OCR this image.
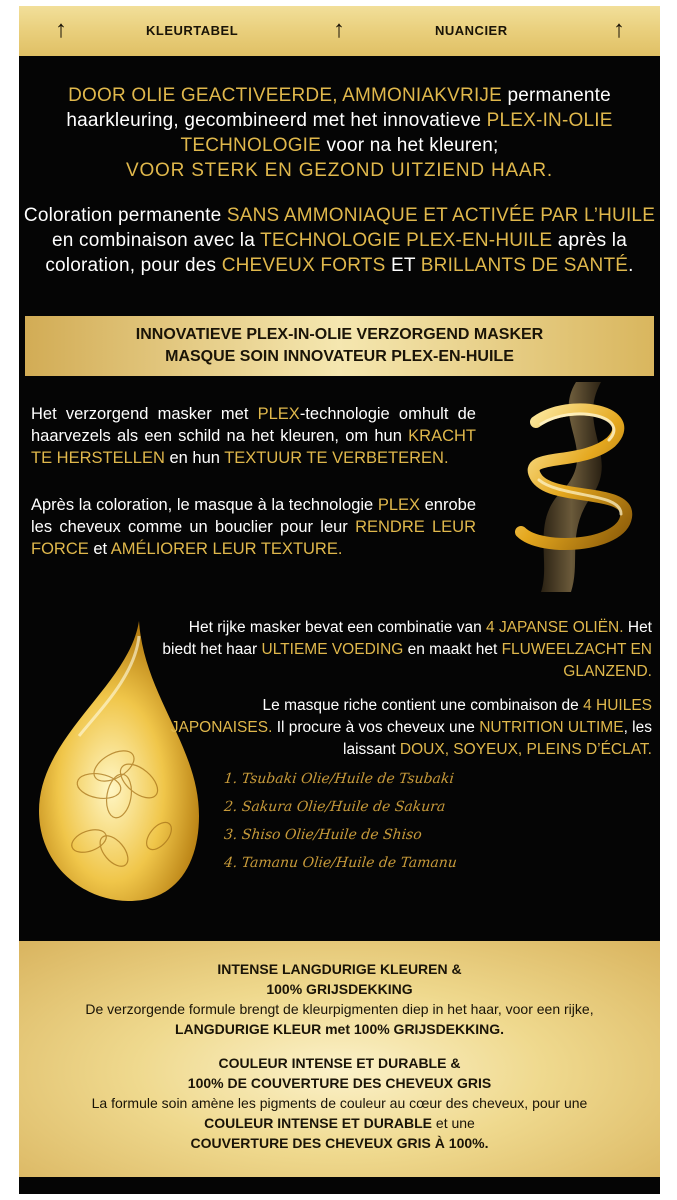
↑	KLEURTABEL	↑	NUANCIER	↑
DOOR OLIE GEACTIVEERDE, AMMONIAKVRIJE permanente haarkleuring, gecombineerd met het innovatieve PLEX-IN-OLIE TECHNOLOGIE voor na het kleuren;
VOOR STERK EN GEZOND UITZIEND HAAR.
Coloration permanente SANS AMMONIAQUE ET ACTIVÉE PAR L’HUILE en combinaison avec la TECHNOLOGIE PLEX-EN-HUILE après la coloration, pour des CHEVEUX FORTS ET BRILLANTS DE SANTÉ.
INNOVATIEVE PLEX-IN-OLIE VERZORGEND MASKER
MASQUE SOIN INNOVATEUR PLEX-EN-HUILE
Het verzorgend masker met PLEX-technologie omhult de haarvezels als een schild na het kleuren, om hun KRACHT TE HERSTELLEN en hun TEXTUUR TE VERBETEREN.
Après la coloration, le masque à la technologie PLEX enrobe les cheveux comme un bouclier pour leur RENDRE LEUR FORCE et AMÉLIORER LEUR TEXTURE.
Het rijke masker bevat een combinatie van 4 JAPANSE OLIËN. Het biedt het haar ULTIEME VOEDING en maakt het FLUWEELZACHT EN GLANZEND.
Le masque riche contient une combinaison de 4 HUILES JAPONAISES. Il procure à vos cheveux une NUTRITION ULTIME, les laissant DOUX, SOYEUX, PLEINS D’ÉCLAT.
1. Tsubaki Olie/Huile de Tsubaki
2. Sakura Olie/Huile de Sakura
3. Shiso Olie/Huile de Shiso
4. Tamanu Olie/Huile de Tamanu
INTENSE LANGDURIGE KLEUREN &
100% GRIJSDEKKING
De verzorgende formule brengt de kleurpigmenten diep in het haar, voor een rijke,
LANGDURIGE KLEUR met 100% GRIJSDEKKING.
COULEUR INTENSE ET DURABLE &
100% DE COUVERTURE DES CHEVEUX GRIS
La formule soin amène les pigments de couleur au cœur des cheveux, pour une
COULEUR INTENSE ET DURABLE et une
COUVERTURE DES CHEVEUX GRIS À 100%.
